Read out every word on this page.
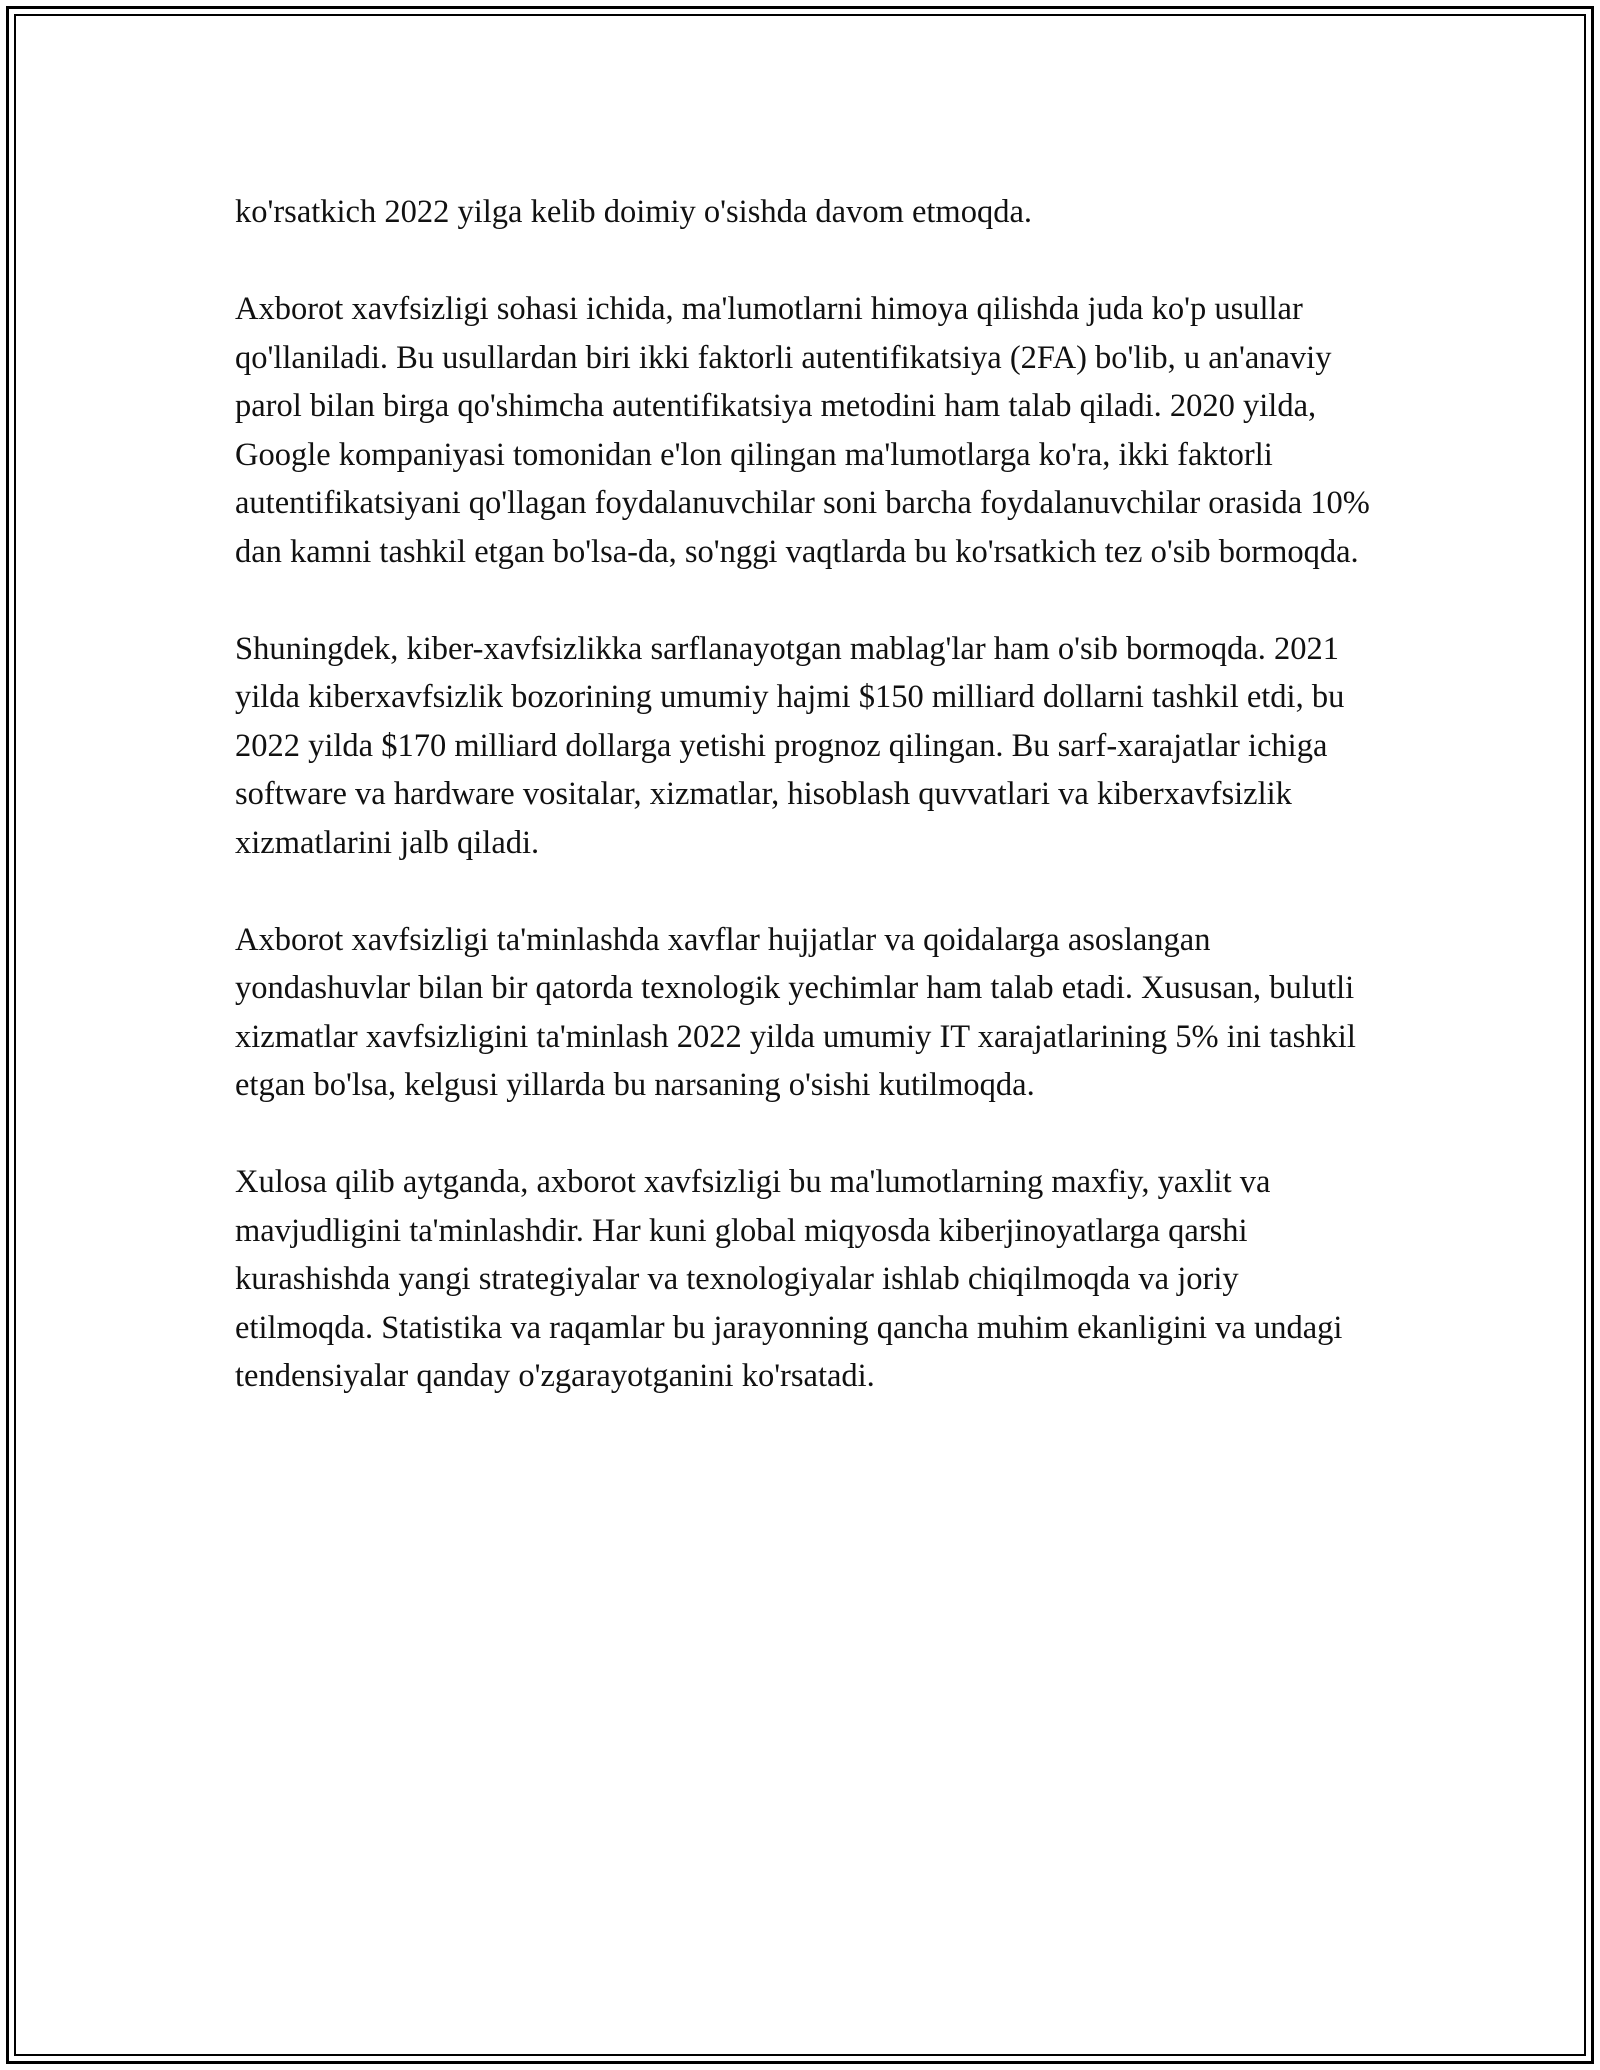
ko'rsatkich 2022 yilga kelib doimiy o'sishda davom etmoqda.

Axborot xavfsizligi sohasi ichida, ma'lumotlarni himoya qilishda juda ko'p usullar qo'llaniladi. Bu usullardan biri ikki faktorli autentifikatsiya (2FA) bo'lib, u an'anaviy parol bilan birga qo'shimcha autentifikatsiya metodini ham talab qiladi. 2020 yilda, Google kompaniyasi tomonidan e'lon qilingan ma'lumotlarga ko'ra, ikki faktorli autentifikatsiyani qo'llagan foydalanuvchilar soni barcha foydalanuvchilar orasida 10% dan kamni tashkil etgan bo'lsa-da, so'nggi vaqtlarda bu ko'rsatkich tez o'sib bormoqda.

Shuningdek, kiber-xavfsizlikka sarflanayotgan mablag'lar ham o'sib bormoqda. 2021 yilda kiberxavfsizlik bozorining umumiy hajmi $150 milliard dollarni tashkil etdi, bu 2022 yilda $170 milliard dollarga yetishi prognoz qilingan. Bu sarf-xarajatlar ichiga software va hardware vositalar, xizmatlar, hisoblash quvvatlari va kiberxavfsizlik xizmatlarini jalb qiladi.

Axborot xavfsizligi ta'minlashda xavflar hujjatlar va qoidalarga asoslangan yondashuvlar bilan bir qatorda texnologik yechimlar ham talab etadi. Xususan, bulutli xizmatlar xavfsizligini ta'minlash 2022 yilda umumiy IT xarajatlarining 5% ini tashkil etgan bo'lsa, kelgusi yillarda bu narsaning o'sishi kutilmoqda.

Xulosa qilib aytganda, axborot xavfsizligi bu ma'lumotlarning maxfiy, yaxlit va mavjudligini ta'minlashdir. Har kuni global miqyosda kiberjinoyatlarga qarshi kurashishda yangi strategiyalar va texnologiyalar ishlab chiqilmoqda va joriy etilmoqda. Statistika va raqamlar bu jarayonning qancha muhim ekanligini va undagi tendensiyalar qanday o'zgarayotganini ko'rsatadi.
